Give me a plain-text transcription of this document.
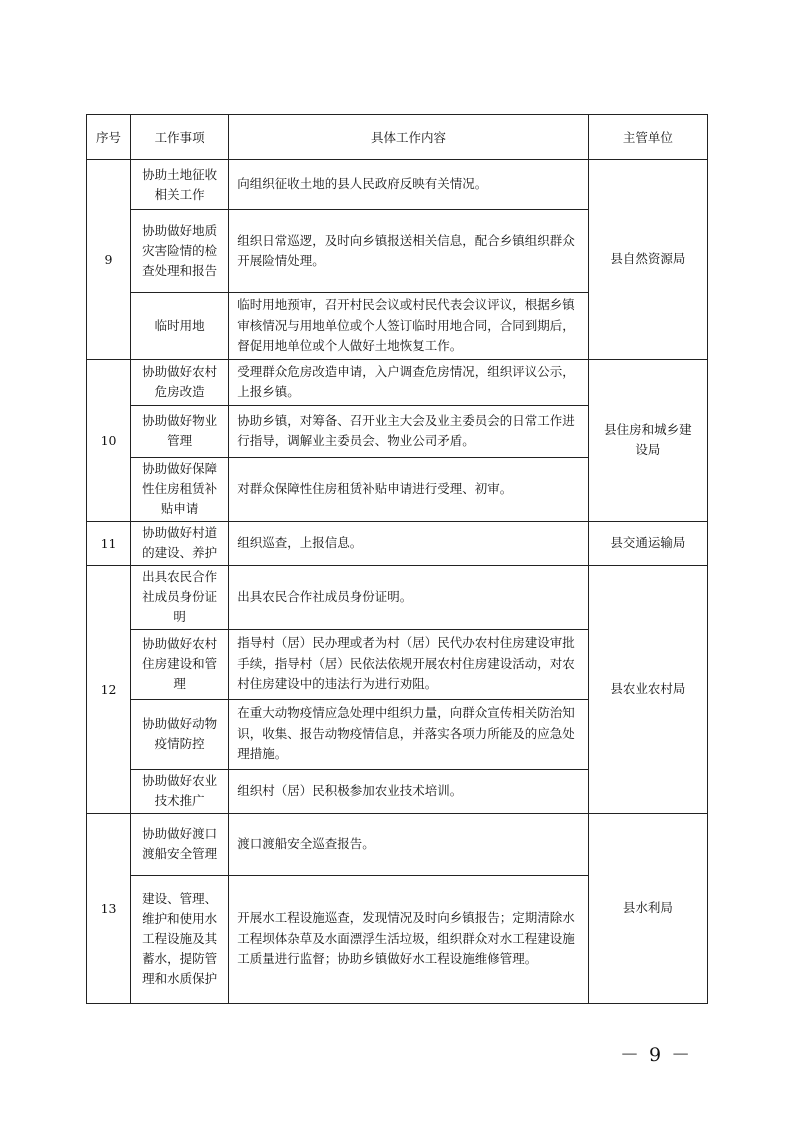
序号	工作事项	具体工作内容	主管单位
9	协助土地征收相关工作	向组织征收土地的县人民政府反映有关情况。	县自然资源局
	协助做好地质灾害险情的检查处理和报告	组织日常巡逻，及时向乡镇报送相关信息，配合乡镇组织群众开展险情处理。	
	临时用地	临时用地预审，召开村民会议或村民代表会议评议，根据乡镇审核情况与用地单位或个人签订临时用地合同，合同到期后，督促用地单位或个人做好土地恢复工作。	
10	协助做好农村危房改造	受理群众危房改造申请，入户调查危房情况，组织评议公示，上报乡镇。	县住房和城乡建设局
	协助做好物业管理	协助乡镇，对筹备、召开业主大会及业主委员会的日常工作进行指导，调解业主委员会、物业公司矛盾。	
	协助做好保障性住房租赁补贴申请	对群众保障性住房租赁补贴申请进行受理、初审。	
11	协助做好村道的建设、养护	组织巡查，上报信息。	县交通运输局
12	出具农民合作社成员身份证明	出具农民合作社成员身份证明。	县农业农村局
	协助做好农村住房建设和管理	指导村（居）民办理或者为村（居）民代办农村住房建设审批手续，指导村（居）民依法依规开展农村住房建设活动，对农村住房建设中的违法行为进行劝阻。	
	协助做好动物疫情防控	在重大动物疫情应急处理中组织力量，向群众宣传相关防治知识，收集、报告动物疫情信息，并落实各项力所能及的应急处理措施。	
	协助做好农业技术推广	组织村（居）民积极参加农业技术培训。	
13	协助做好渡口渡船安全管理	渡口渡船安全巡查报告。	县水利局
	建设、管理、维护和使用水工程设施及其蓄水，提防管理和水质保护	开展水工程设施巡查，发现情况及时向乡镇报告；定期清除水工程坝体杂草及水面漂浮生活垃圾，组织群众对水工程建设施工质量进行监督；协助乡镇做好水工程设施维修管理。	
－ 9 －
